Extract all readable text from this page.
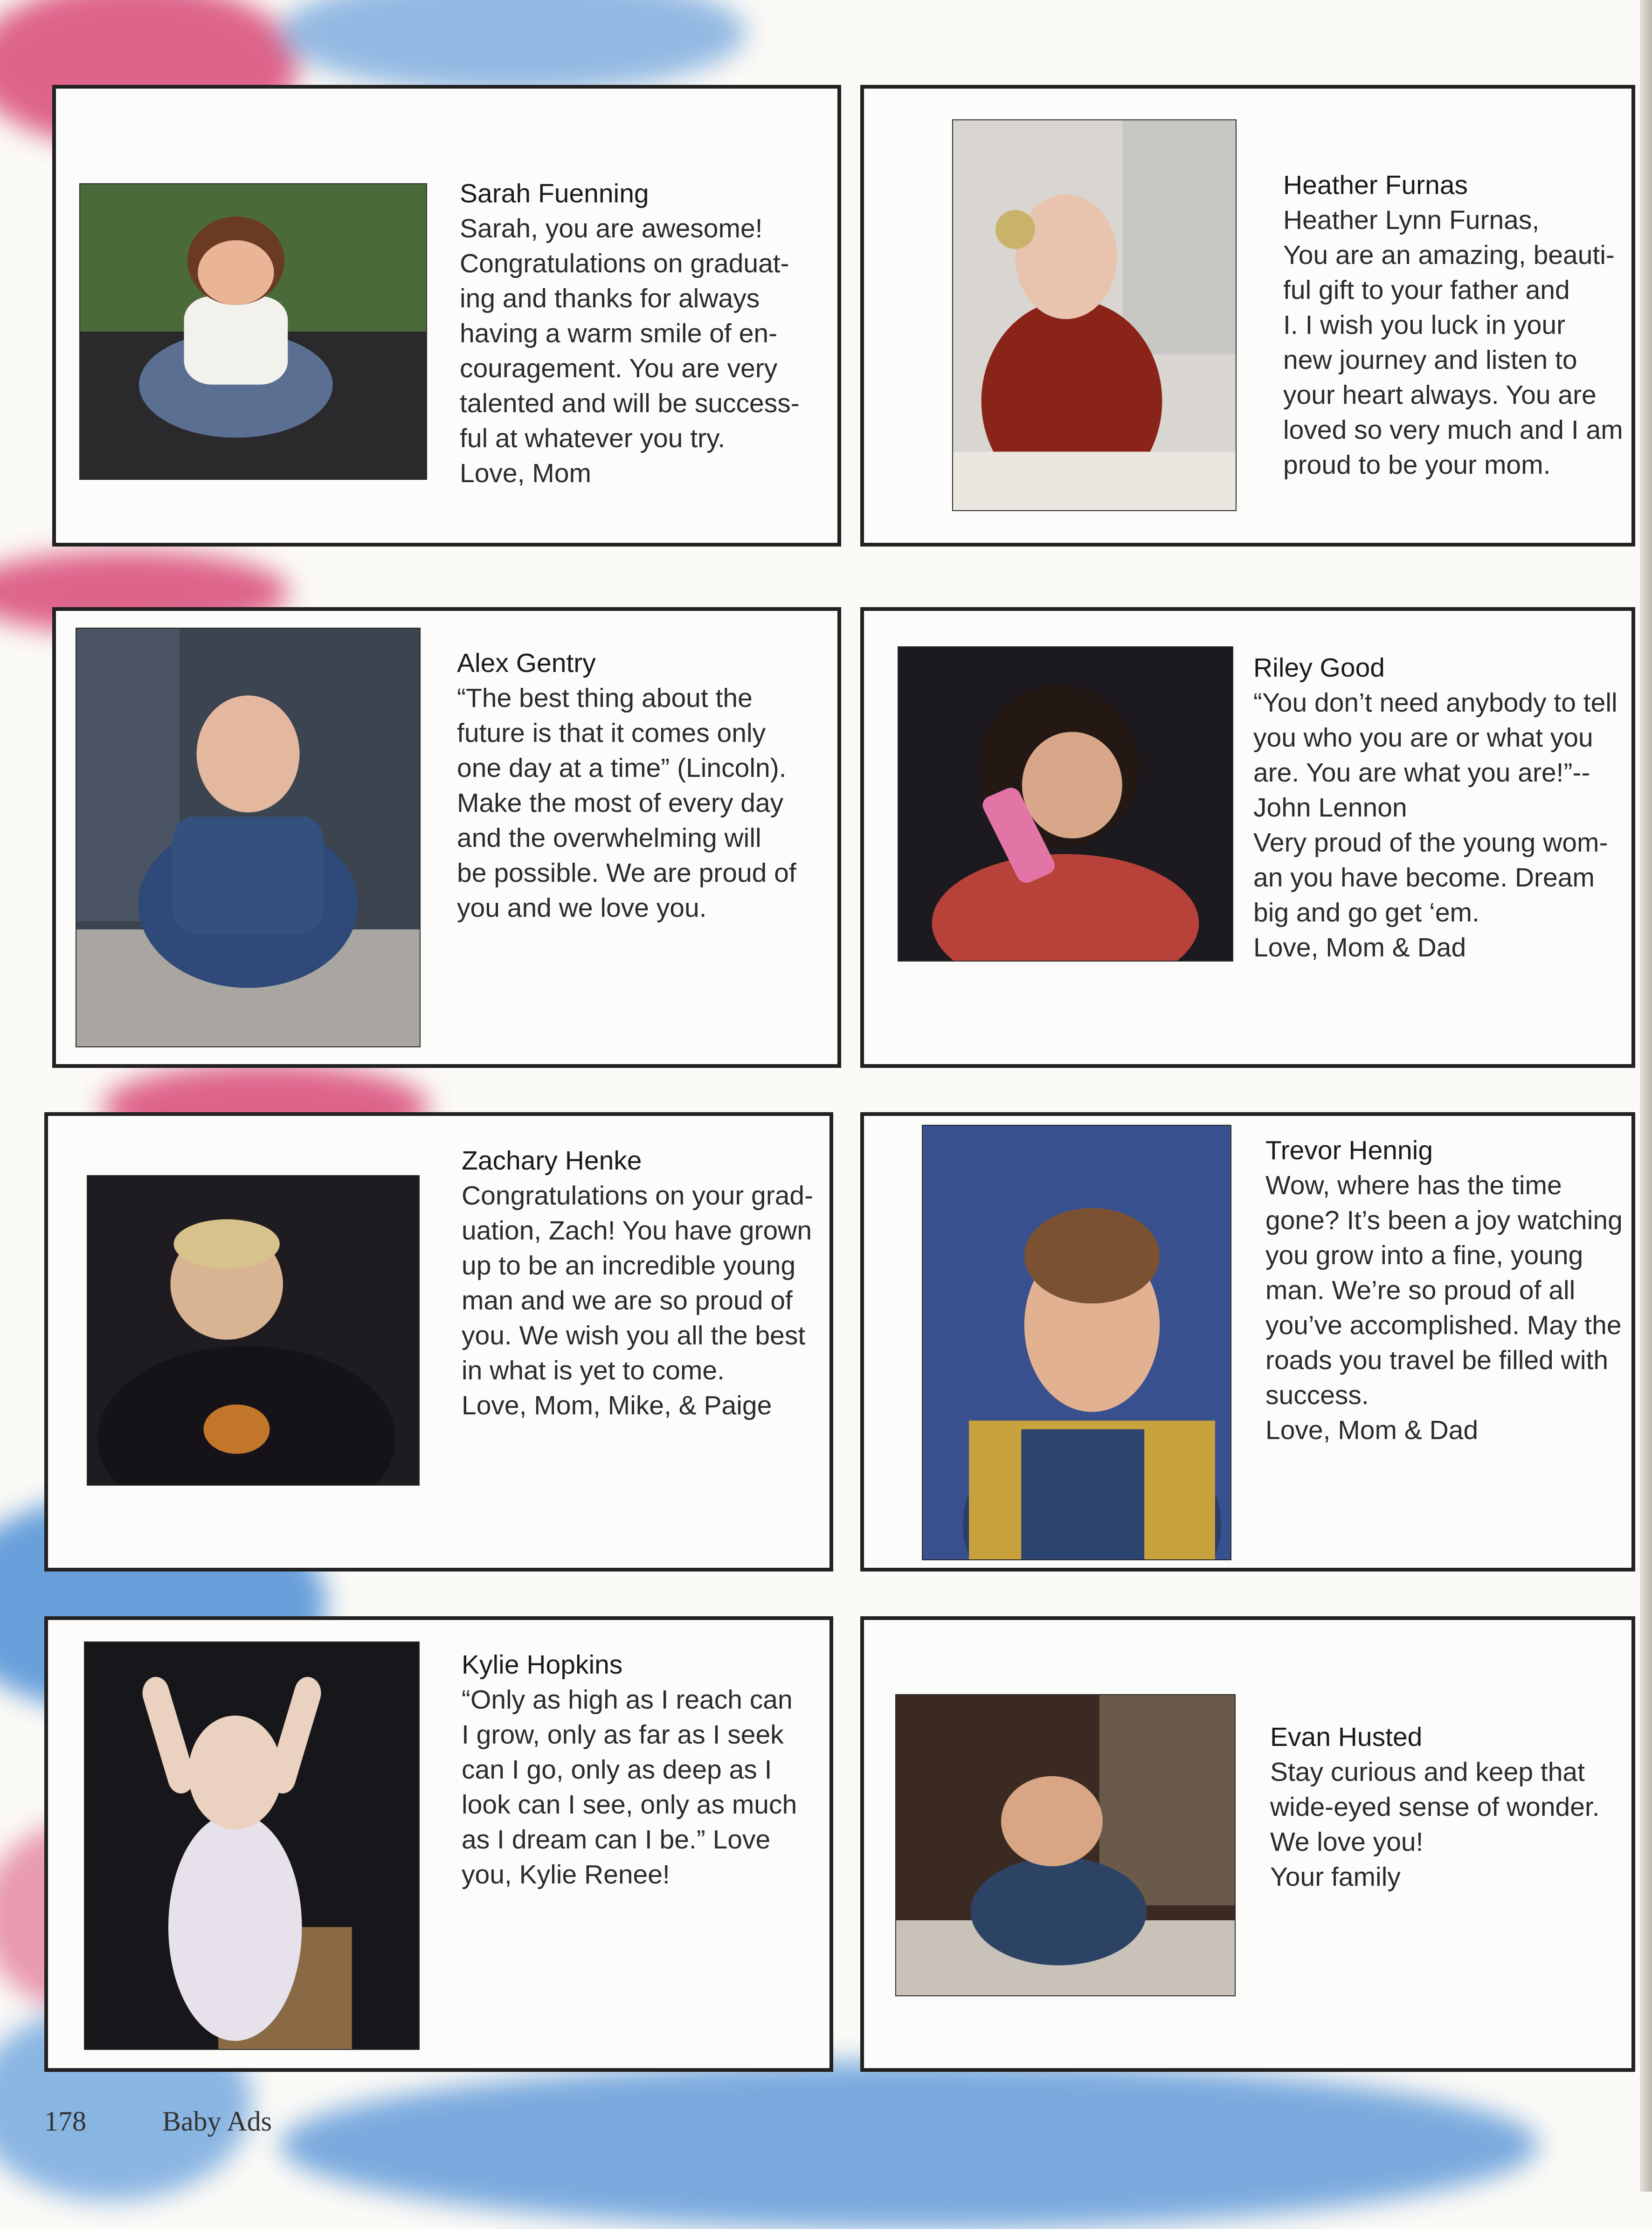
Sarah Fuenning
Sarah, you are awesome!
Congratulations on graduat-
ing and thanks for always
having a warm smile of en-
couragement. You are very
talented and will be success-
ful at whatever you try.
Love, Mom
Heather Furnas
Heather Lynn Furnas,
You are an amazing, beauti-
ful gift to your father and
I. I wish you luck in your
new journey and listen to
your heart always. You are
loved so very much and I am
proud to be your mom.
Alex Gentry
“The best thing about the
future is that it comes only
one day at a time” (Lincoln).
Make the most of every day
and the overwhelming will
be possible. We are proud of
you and we love you.
Riley Good
“You don’t need anybody to tell
you who you are or what you
are. You are what you are!”--
John Lennon
Very proud of the young wom-
an you have become. Dream
big and go get ‘em.
Love, Mom & Dad
Zachary Henke
Congratulations on your grad-
uation, Zach! You have grown
up to be an incredible young
man and we are so proud of
you. We wish you all the best
in what is yet to come.
Love, Mom, Mike, & Paige
Trevor Hennig
Wow, where has the time
gone? It’s been a joy watching
you grow into a fine, young
man. We’re so proud of all
you’ve accomplished. May the
roads you travel be filled with
success.
Love, Mom & Dad
Kylie Hopkins
“Only as high as I reach can
I grow, only as far as I seek
can I go, only as deep as I
look can I see, only as much
as I dream can I be.” Love
you, Kylie Renee!
Evan Husted
Stay curious and keep that
wide-eyed sense of wonder.
We love you!
Your family
178	Baby Ads
